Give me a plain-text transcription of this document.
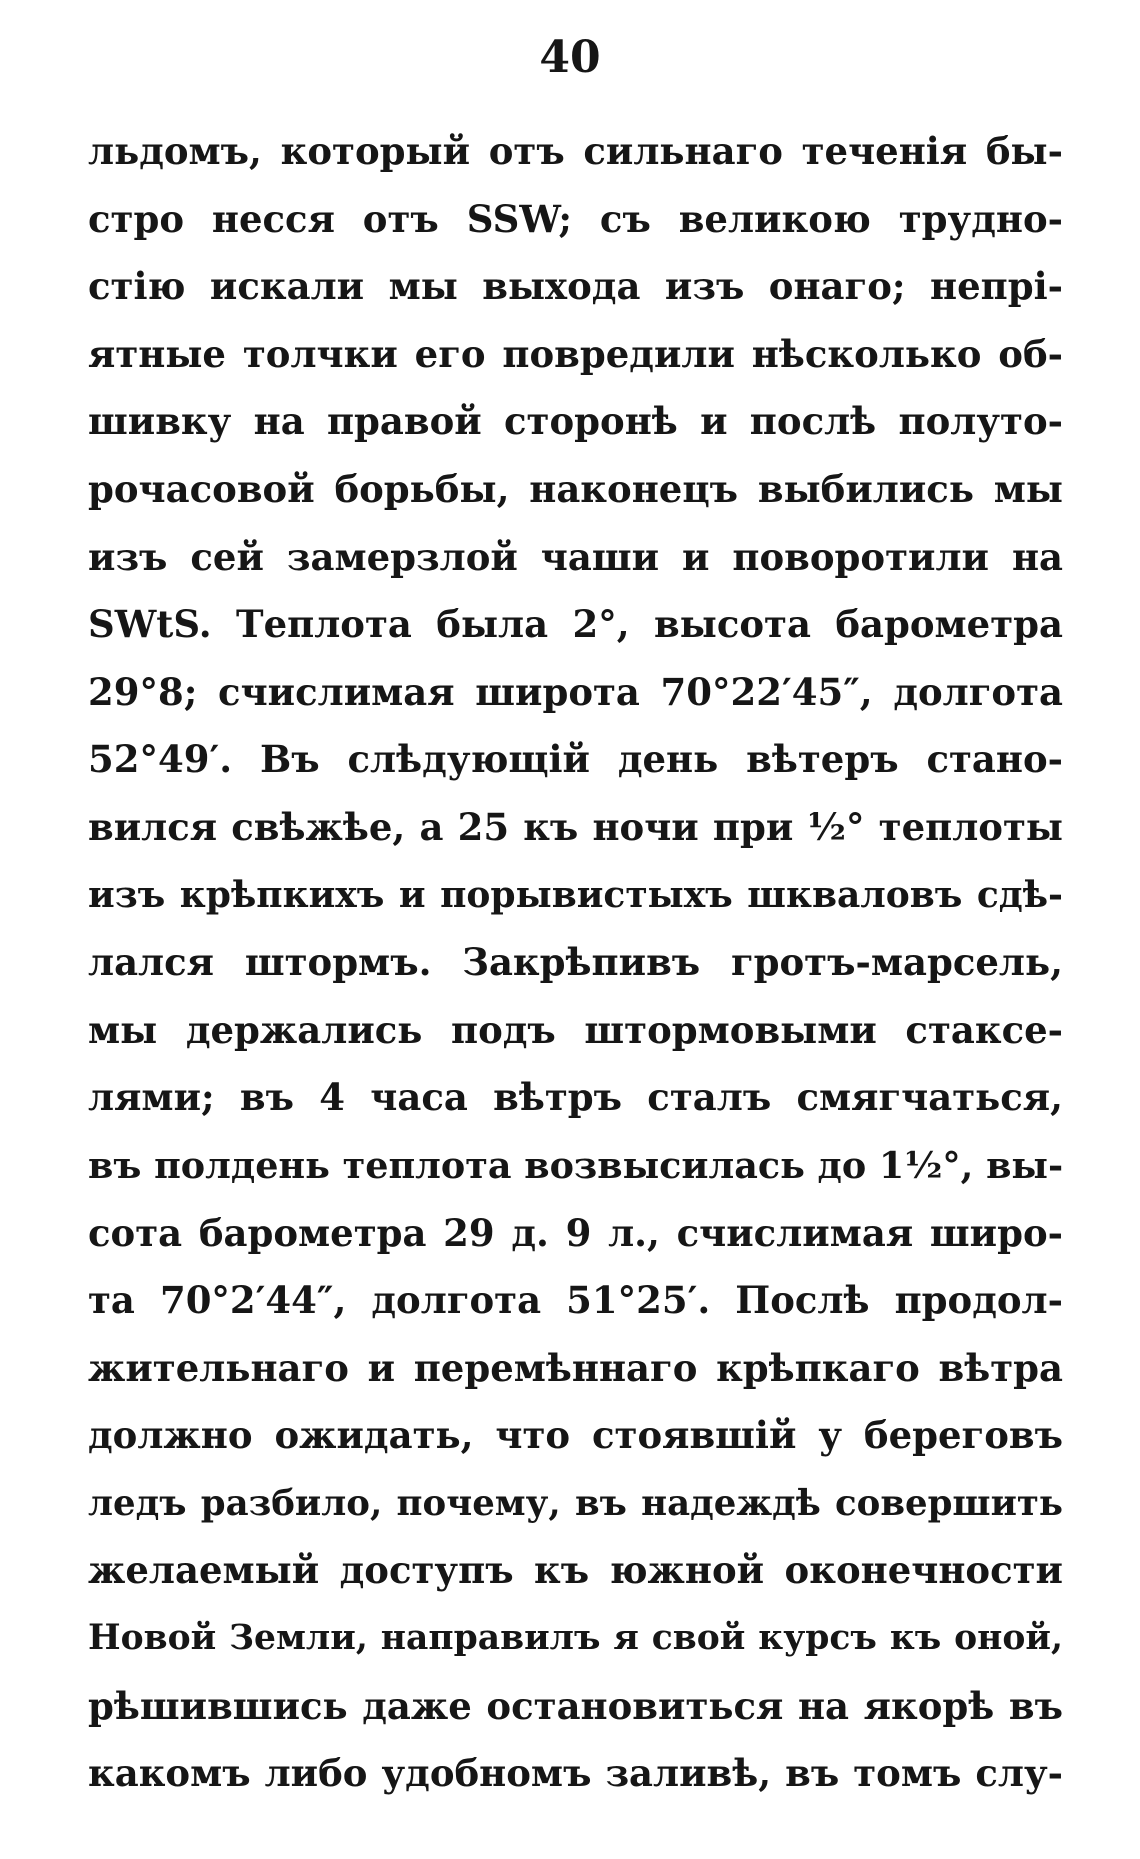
40
льдомъ, который отъ сильнаго теченія бы-
стро несся отъ SSW; съ великою трудно-
стію искали мы выхода изъ онаго; непрі-
ятные толчки его повредили нѣсколько об-
шивку на правой сторонѣ и послѣ полуто-
рочасовой борьбы, наконецъ выбились мы
изъ сей замерзлой чаши и поворотили на
SWtS. Теплота была 2°, высота барометра
29°8; счислимая широта 70°22′45″, долгота
52°49′. Въ слѣдующій день вѣтеръ стано-
вился свѣжѣе, а 25 къ ночи при ½° теплоты
изъ крѣпкихъ и порывистыхъ шкваловъ сдѣ-
лался штормъ. Закрѣпивъ гротъ-марсель,
мы держались подъ штормовыми стаксе-
лями; въ 4 часа вѣтръ сталъ смягчаться,
въ полдень теплота возвысилась до 1½°, вы-
сота барометра 29 д. 9 л., счислимая широ-
та 70°2′44″, долгота 51°25′. Послѣ продол-
жительнаго и перемѣннаго крѣпкаго вѣтра
должно ожидать, что стоявшій у береговъ
ледъ разбило, почему, въ надеждѣ совершить
желаемый доступъ къ южной оконечности
Новой Земли, направилъ я свой курсъ къ оной,
рѣшившись даже остановиться на якорѣ въ
какомъ либо удобномъ заливѣ, въ томъ слу-
